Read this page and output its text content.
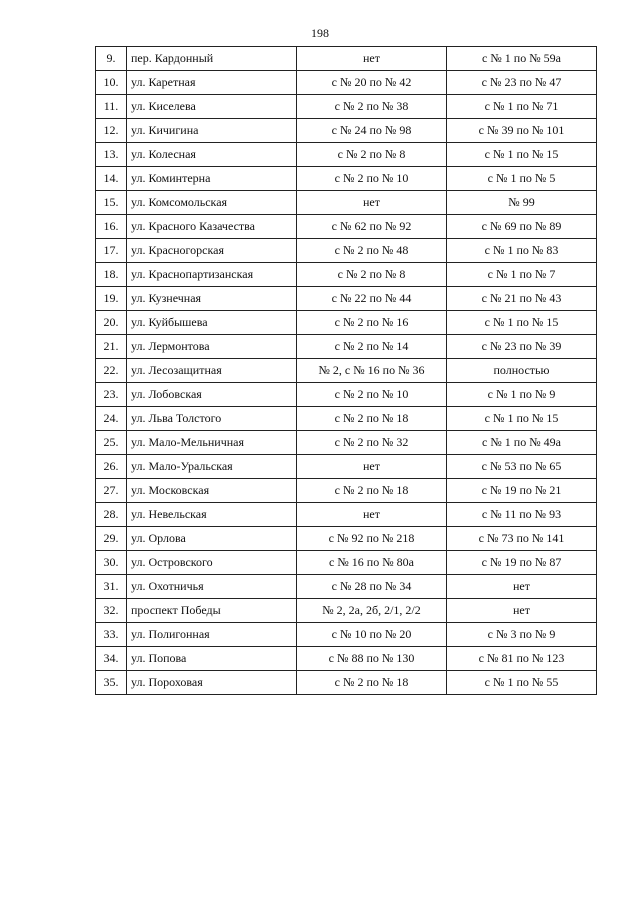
198
9.	пер. Кардонный	нет	с № 1 по № 59а
10.	ул. Каретная	с № 20 по № 42	с № 23 по № 47
11.	ул. Киселева	с № 2 по № 38	с № 1 по № 71
12.	ул. Кичигина	с № 24 по № 98	с № 39 по № 101
13.	ул. Колесная	с № 2 по № 8	с № 1 по № 15
14.	ул. Коминтерна	с № 2 по № 10	с № 1 по № 5
15.	ул. Комсомольская	нет	№ 99
16.	ул. Красного Казачества	с № 62 по № 92	с № 69 по № 89
17.	ул. Красногорская	с № 2 по № 48	с № 1 по № 83
18.	ул. Краснопартизанская	с № 2 по № 8	с № 1 по № 7
19.	ул. Кузнечная	с № 22 по № 44	с № 21 по № 43
20.	ул. Куйбышева	с № 2 по № 16	с № 1 по № 15
21.	ул. Лермонтова	с № 2 по № 14	с № 23 по № 39
22.	ул. Лесозащитная	№ 2, с № 16 по № 36	полностью
23.	ул. Лобовская	с № 2 по № 10	с № 1 по № 9
24.	ул. Льва Толстого	с № 2 по № 18	с № 1 по № 15
25.	ул. Мало-Мельничная	с № 2 по № 32	с № 1 по № 49а
26.	ул. Мало-Уральская	нет	с № 53 по № 65
27.	ул. Московская	с № 2 по № 18	с № 19 по № 21
28.	ул. Невельская	нет	с № 11 по № 93
29.	ул. Орлова	с № 92 по № 218	с № 73 по № 141
30.	ул. Островского	с № 16 по № 80а	с № 19 по № 87
31.	ул. Охотничья	с № 28 по № 34	нет
32.	проспект Победы	№ 2, 2а, 2б, 2/1, 2/2	нет
33.	ул. Полигонная	с № 10 по № 20	с № 3 по № 9
34.	ул. Попова	с № 88 по № 130	с № 81 по № 123
35.	ул. Пороховая	с № 2 по № 18	с № 1 по № 55
